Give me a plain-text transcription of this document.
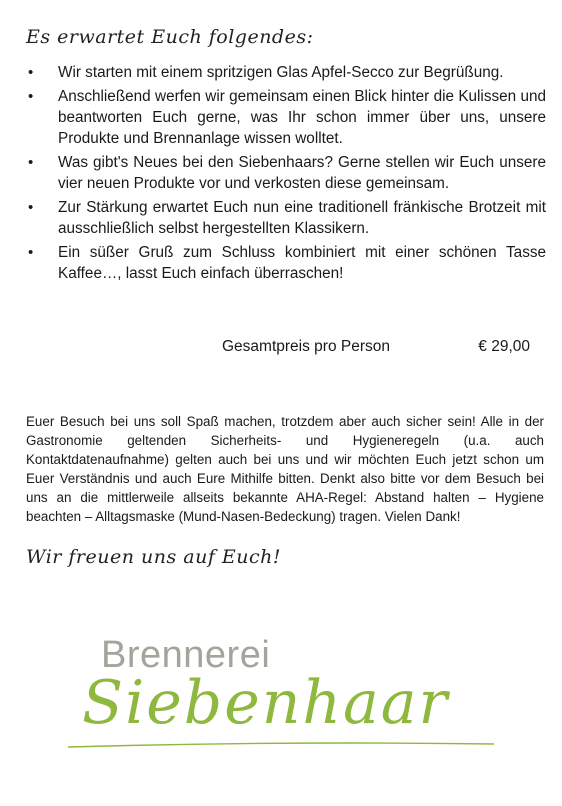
Es erwartet Euch folgendes:
• Wir starten mit einem spritzigen Glas Apfel-Secco zur Begrüßung.
• Anschließend werfen wir gemeinsam einen Blick hinter die Kulissen und beantworten Euch gerne, was Ihr schon immer über uns, unsere Produkte und Brennanlage wissen wolltet.
• Was gibt's Neues bei den Siebenhaars? Gerne stellen wir Euch unsere vier neuen Produkte vor und verkosten diese gemeinsam.
• Zur Stärkung erwartet Euch nun eine traditionell fränkische Brotzeit mit ausschließlich selbst hergestellten Klassikern.
• Ein süßer Gruß zum Schluss kombiniert mit einer schönen Tasse Kaffee…, lasst Euch einfach überraschen!
Gesamtpreis pro Person	€ 29,00

Euer Besuch bei uns soll Spaß machen, trotzdem aber auch sicher sein! Alle in der Gastronomie geltenden Sicherheits- und Hygieneregeln (u.a. auch Kontaktdatenaufnahme) gelten auch bei uns und wir möchten Euch jetzt schon um Euer Verständnis und auch Eure Mithilfe bitten. Denkt also bitte vor dem Besuch bei uns an die mittlerweile allseits bekannte AHA-Regel: Abstand halten – Hygiene beachten – Alltagsmaske (Mund-Nasen-Bedeckung) tragen. Vielen Dank!

Wir freuen uns auf Euch!
Brennerei
Siebenhaar
